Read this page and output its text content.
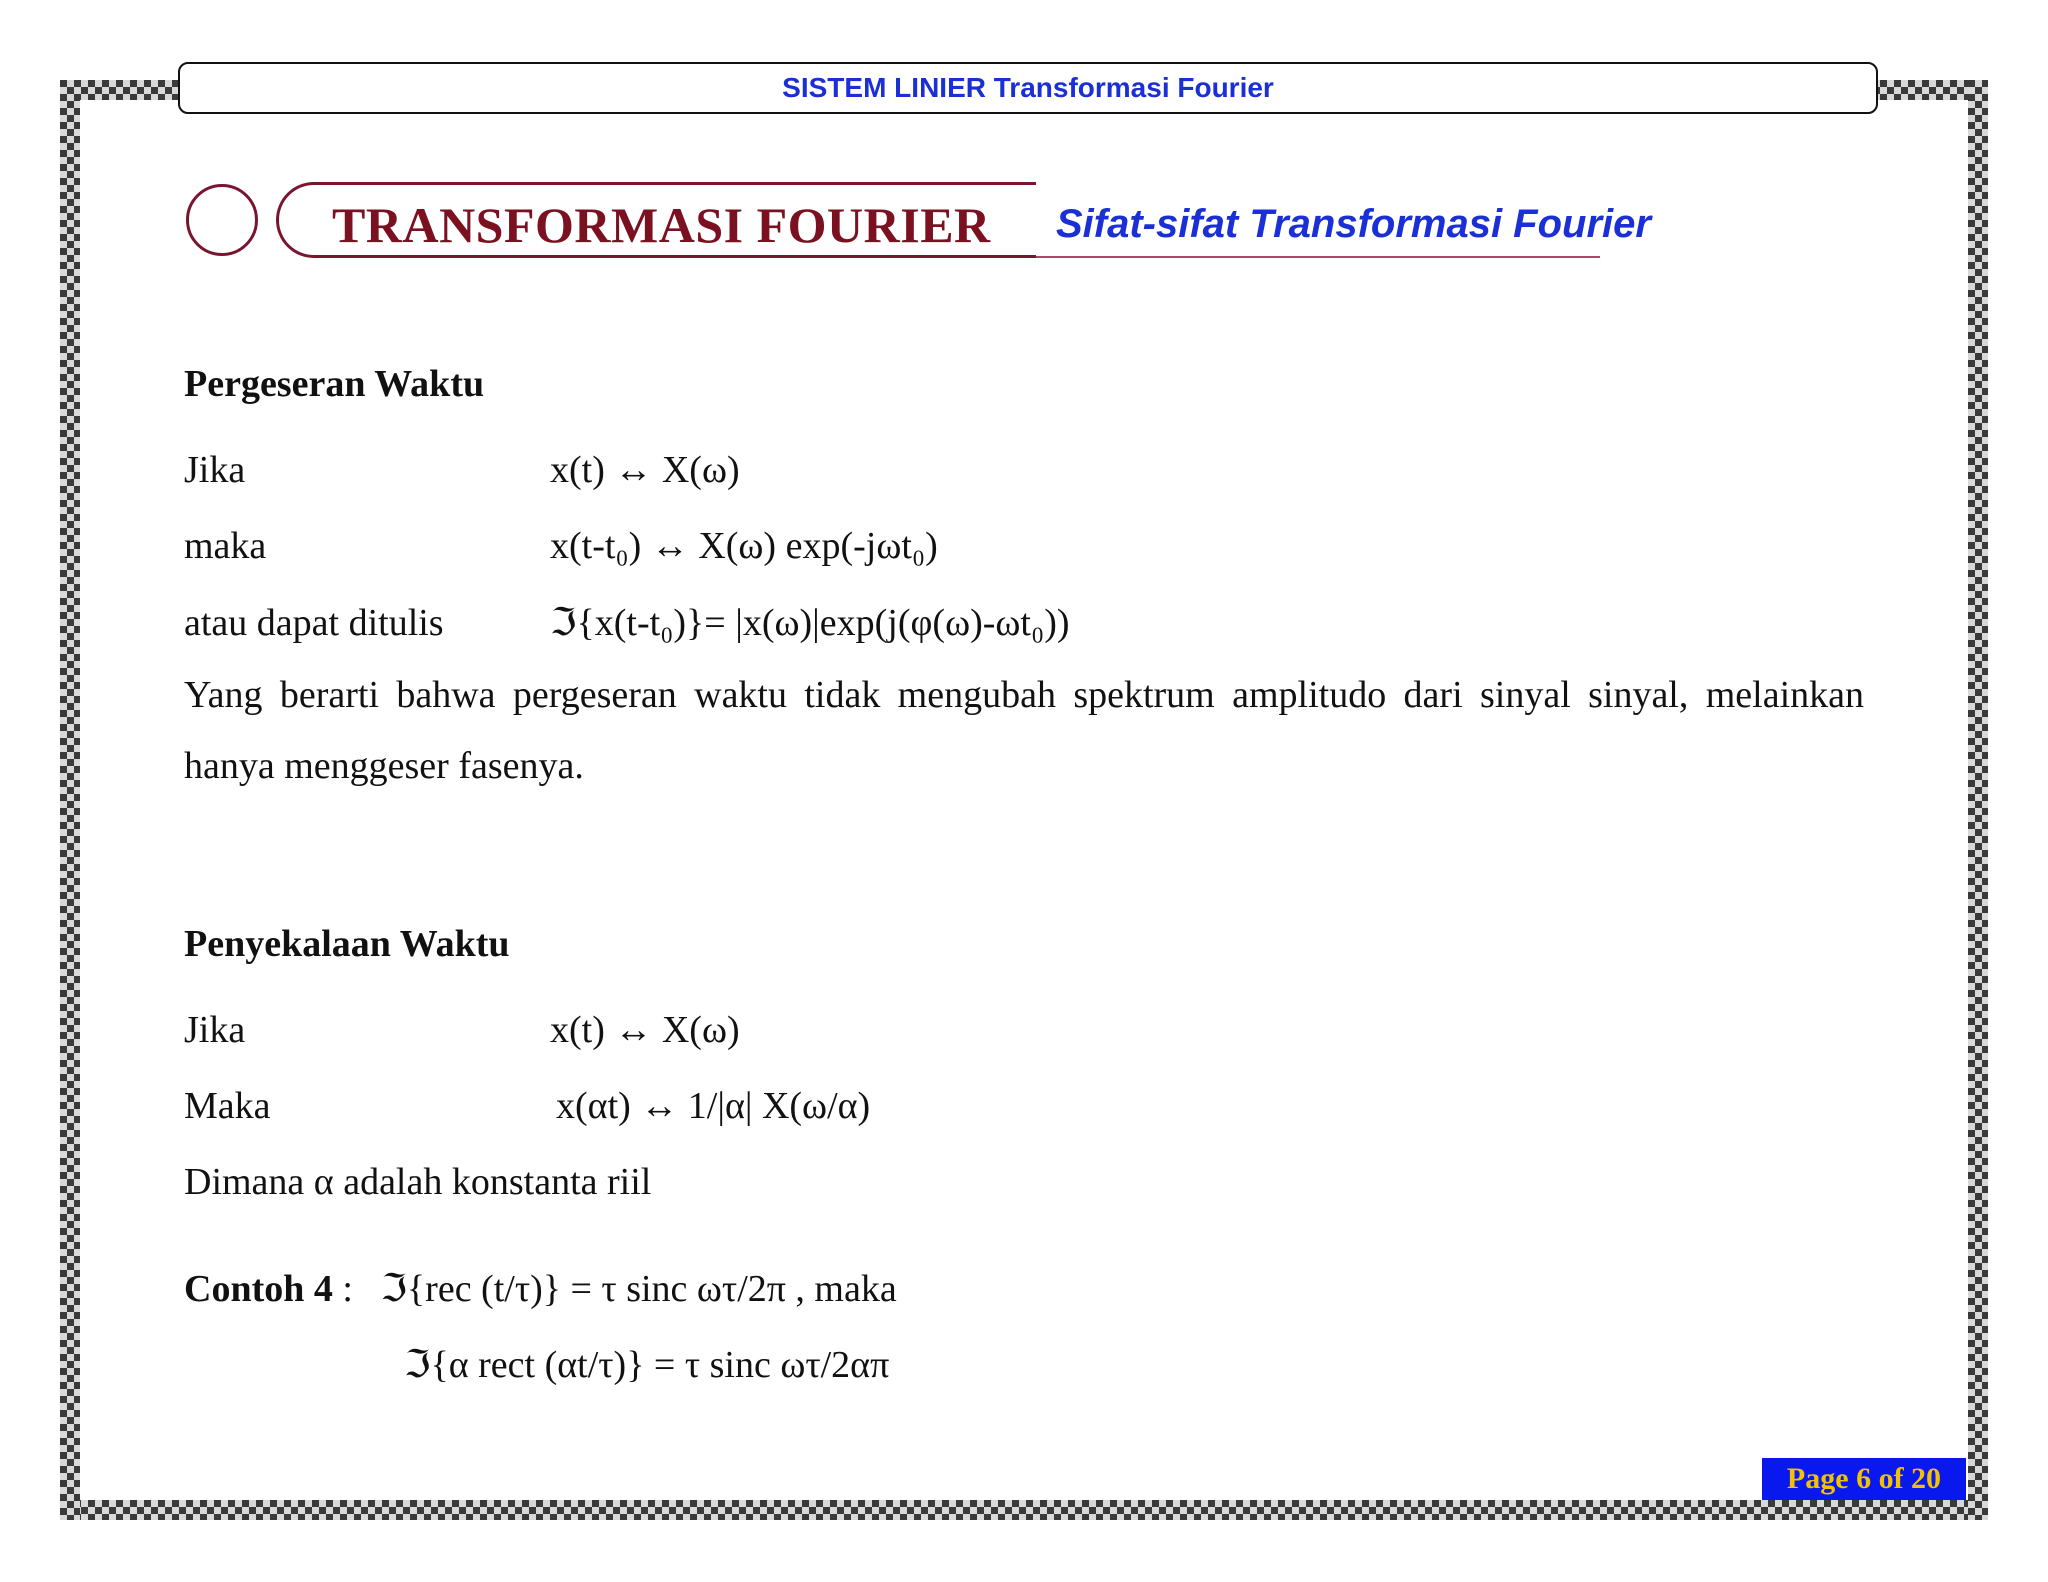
SISTEM LINIER Transformasi Fourier
TRANSFORMASI FOURIER Sifat-sifat Transformasi Fourier
Pergeseran Waktu
Jika	x(t) ↔ X(ω)
maka	x(t-t₀) ↔ X(ω) exp(-jωt₀)
atau dapat ditulis	ℑ{x(t-t₀)}= |x(ω)|exp(j(φ(ω)-ωt₀))
Yang berarti bahwa pergeseran waktu tidak mengubah spektrum amplitudo dari sinyal sinyal, melainkan hanya menggeser fasenya.
Penyekalaan Waktu
Jika	x(t) ↔ X(ω)
Maka	x(αt) ↔ 1/|α| X(ω/α)
Dimana α adalah konstanta riil
Contoh 4 : ℑ{rec (t/τ)} = τ sinc ωτ/2π , maka
ℑ{α rect (αt/τ)} = τ sinc ωτ/2απ
Page 6 of 20
